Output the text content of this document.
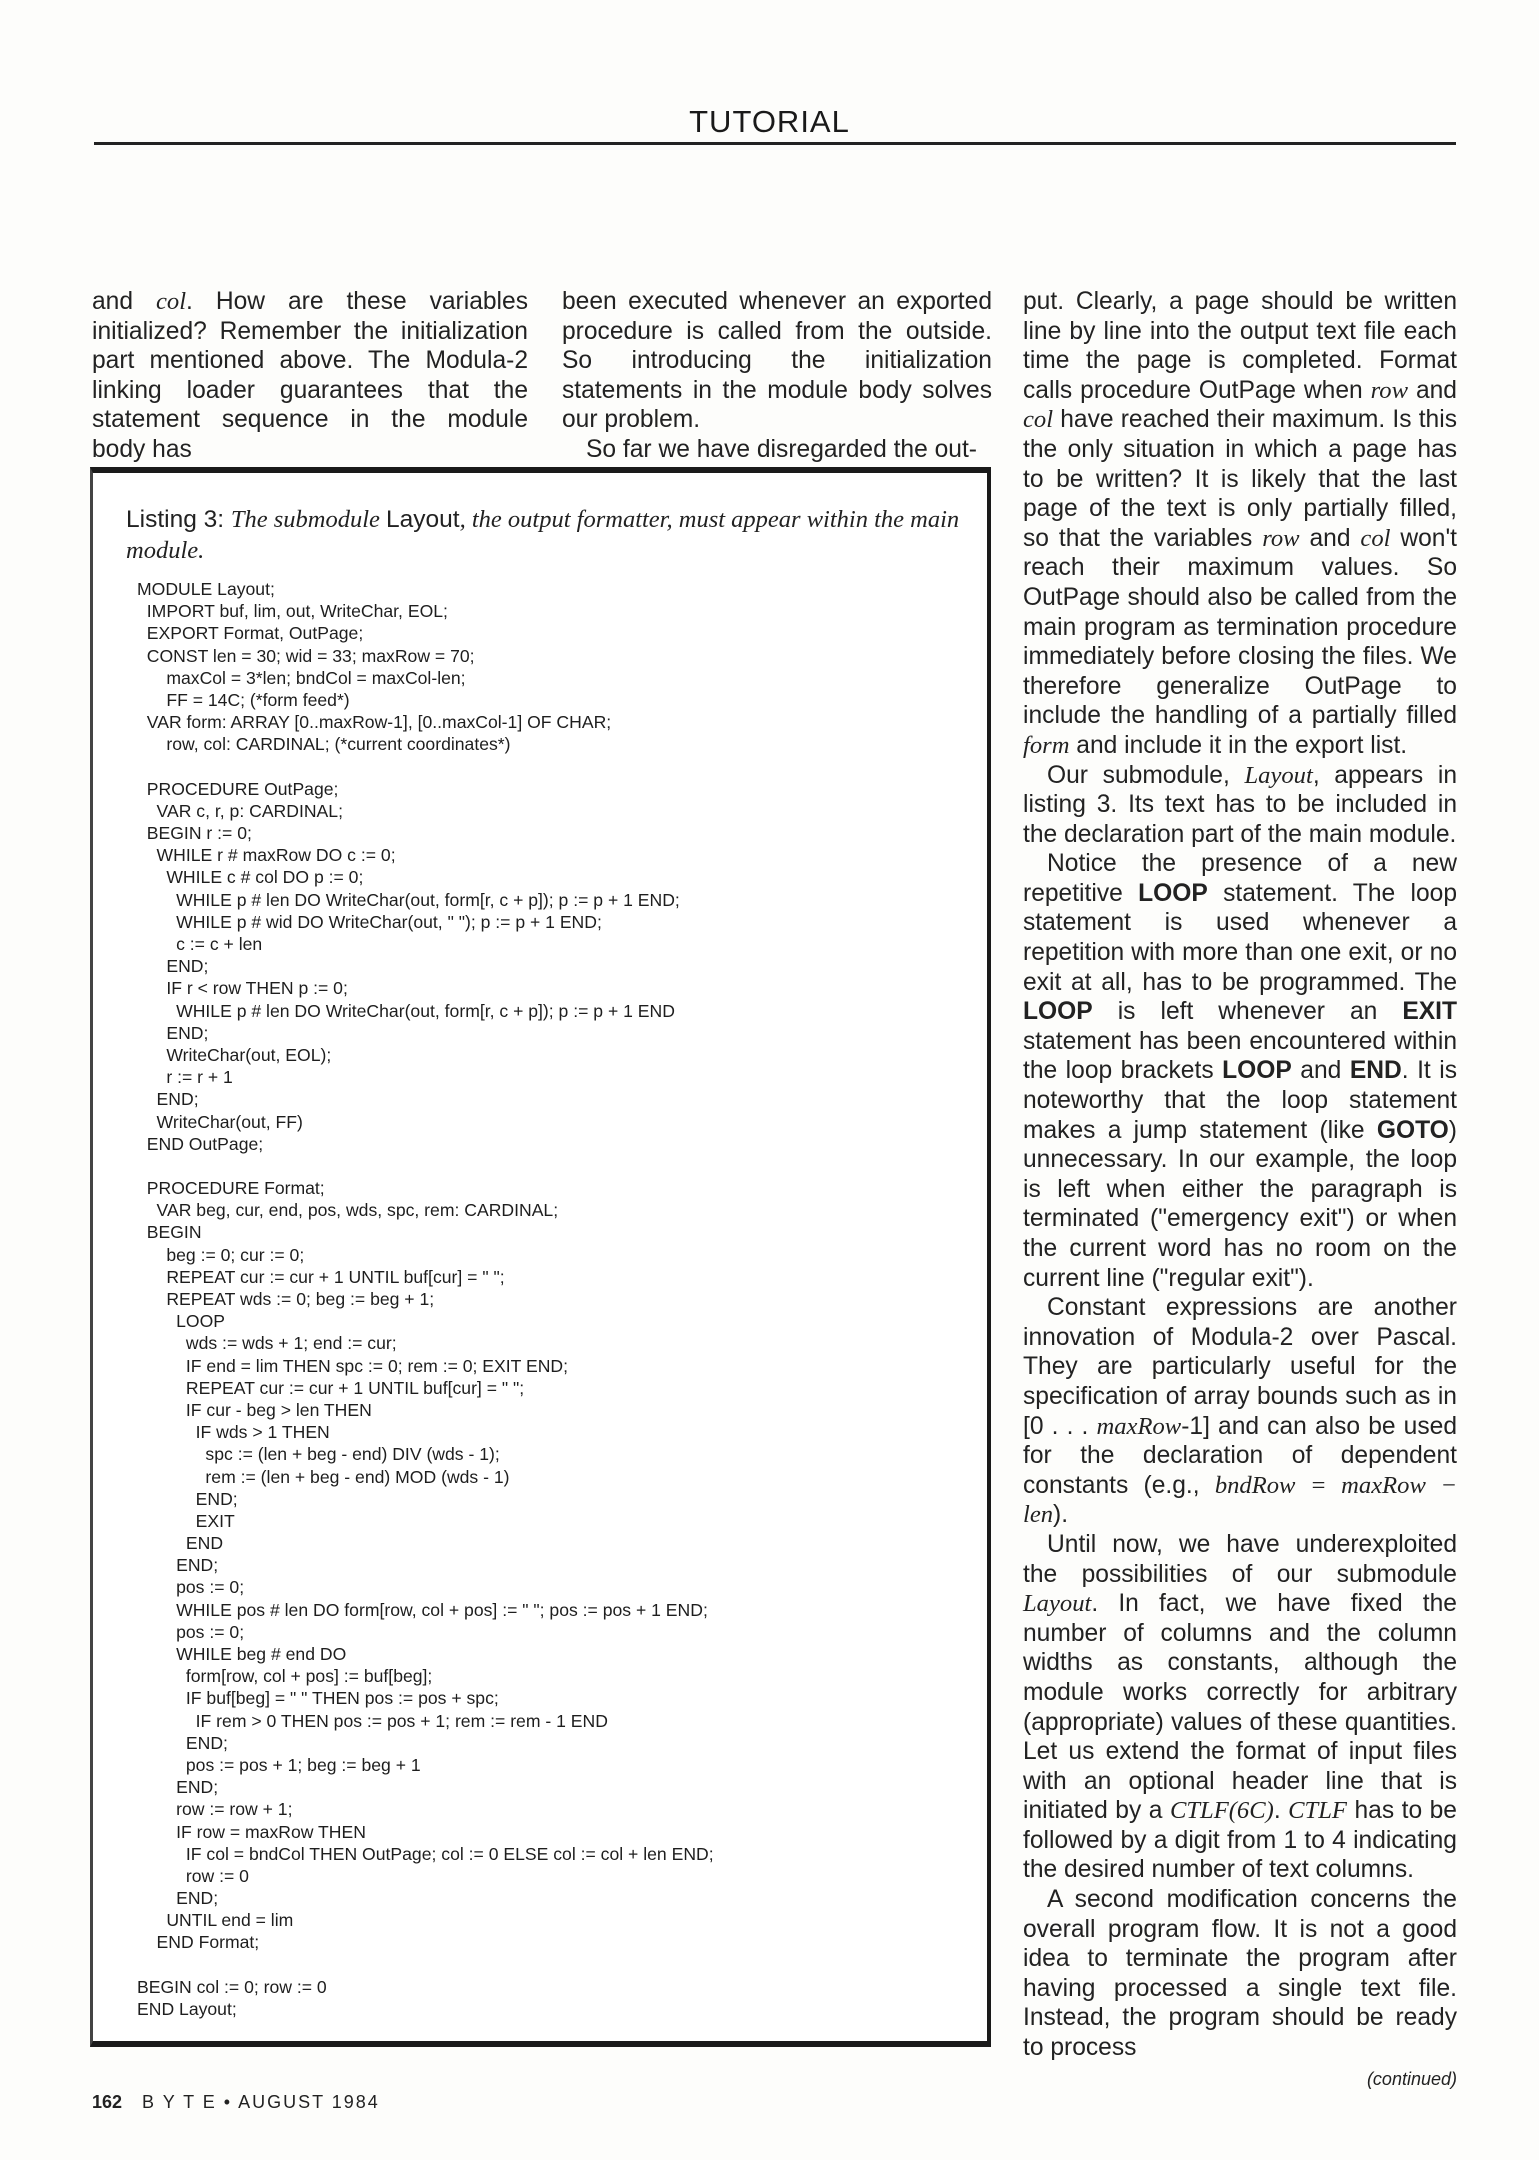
TUTORIAL

and col. How are these variables initialized? Remember the initialization part mentioned above. The Modula-2 linking loader guarantees that the statement sequence in the module body has

been executed whenever an exported procedure is called from the outside. So introducing the initialization statements in the module body solves our problem.

So far we have disregarded the out-

put. Clearly, a page should be written line by line into the output text file each time the page is completed. Format calls procedure OutPage when row and col have reached their maximum. Is this the only situation in which a page has to be written? It is likely that the last page of the text is only partially filled, so that the variables row and col won't reach their maximum values. So OutPage should also be called from the main program as termination procedure immediately before closing the files. We therefore generalize OutPage to include the handling of a partially filled form and include it in the export list.

Our submodule, Layout, appears in listing 3. Its text has to be included in the declaration part of the main module.

Notice the presence of a new repetitive LOOP statement. The loop statement is used whenever a repetition with more than one exit, or no exit at all, has to be programmed. The LOOP is left whenever an EXIT statement has been encountered within the loop brackets LOOP and END. It is noteworthy that the loop statement makes a jump statement (like GOTO) unnecessary. In our example, the loop is left when either the paragraph is terminated ("emergency exit") or when the current word has no room on the current line ("regular exit").

Constant expressions are another innovation of Modula-2 over Pascal. They are particularly useful for the specification of array bounds such as in [0 . . . maxRow-1] and can also be used for the declaration of dependent constants (e.g., bndRow = maxRow − len).

Until now, we have underexploited the possibilities of our submodule Layout. In fact, we have fixed the number of columns and the column widths as constants, although the module works correctly for arbitrary (appropriate) values of these quantities. Let us extend the format of input files with an optional header line that is initiated by a CTLF(6C). CTLF has to be followed by a digit from 1 to 4 indicating the desired number of text columns.

A second modification concerns the overall program flow. It is not a good idea to terminate the program after having processed a single text file. Instead, the program should be ready to process

(continued)
Listing 3: The submodule Layout, the output formatter, must appear within the main module.
MODULE Layout;
IMPORT buf, lim, out, WriteChar, EOL;
EXPORT Format, OutPage;
CONST len = 30; wid = 33; maxRow = 70;
maxCol = 3*len; bndCol = maxCol-len;
FF = 14C; (*form feed*)
VAR form: ARRAY [0..maxRow-1], [0..maxCol-1] OF CHAR;
row, col: CARDINAL; (*current coordinates*)
PROCEDURE OutPage;
VAR c, r, p: CARDINAL;
BEGIN r := 0;
WHILE r # maxRow DO c := 0;
WHILE c # col DO p := 0;
WHILE p # len DO WriteChar(out, form[r, c + p]); p := p + 1 END;
WHILE p # wid DO WriteChar(out, " "); p := p + 1 END;
c := c + len
END;
IF r < row THEN p := 0;
WHILE p # len DO WriteChar(out, form[r, c + p]); p := p + 1 END
END;
WriteChar(out, EOL);
r := r + 1
END;
WriteChar(out, FF)
END OutPage;
PROCEDURE Format;
VAR beg, cur, end, pos, wds, spc, rem: CARDINAL;
BEGIN
beg := 0; cur := 0;
REPEAT cur := cur + 1 UNTIL buf[cur] = " ";
REPEAT wds := 0; beg := beg + 1;
LOOP
wds := wds + 1; end := cur;
IF end = lim THEN spc := 0; rem := 0; EXIT END;
REPEAT cur := cur + 1 UNTIL buf[cur] = " ";
IF cur - beg > len THEN
IF wds > 1 THEN
spc := (len + beg - end) DIV (wds - 1);
rem := (len + beg - end) MOD (wds - 1)
END;
EXIT
END
END;
pos := 0;
WHILE pos # len DO form[row, col + pos] := " "; pos := pos + 1 END;
pos := 0;
WHILE beg # end DO
form[row, col + pos] := buf[beg];
IF buf[beg] = " " THEN pos := pos + spc;
IF rem > 0 THEN pos := pos + 1; rem := rem - 1 END
END;
pos := pos + 1; beg := beg + 1
END;
row := row + 1;
IF row = maxRow THEN
IF col = bndCol THEN OutPage; col := 0 ELSE col := col + len END;
row := 0
END;
UNTIL end = lim
END Format;
BEGIN col := 0; row := 0
END Layout;
162 B Y T E • AUGUST 1984
